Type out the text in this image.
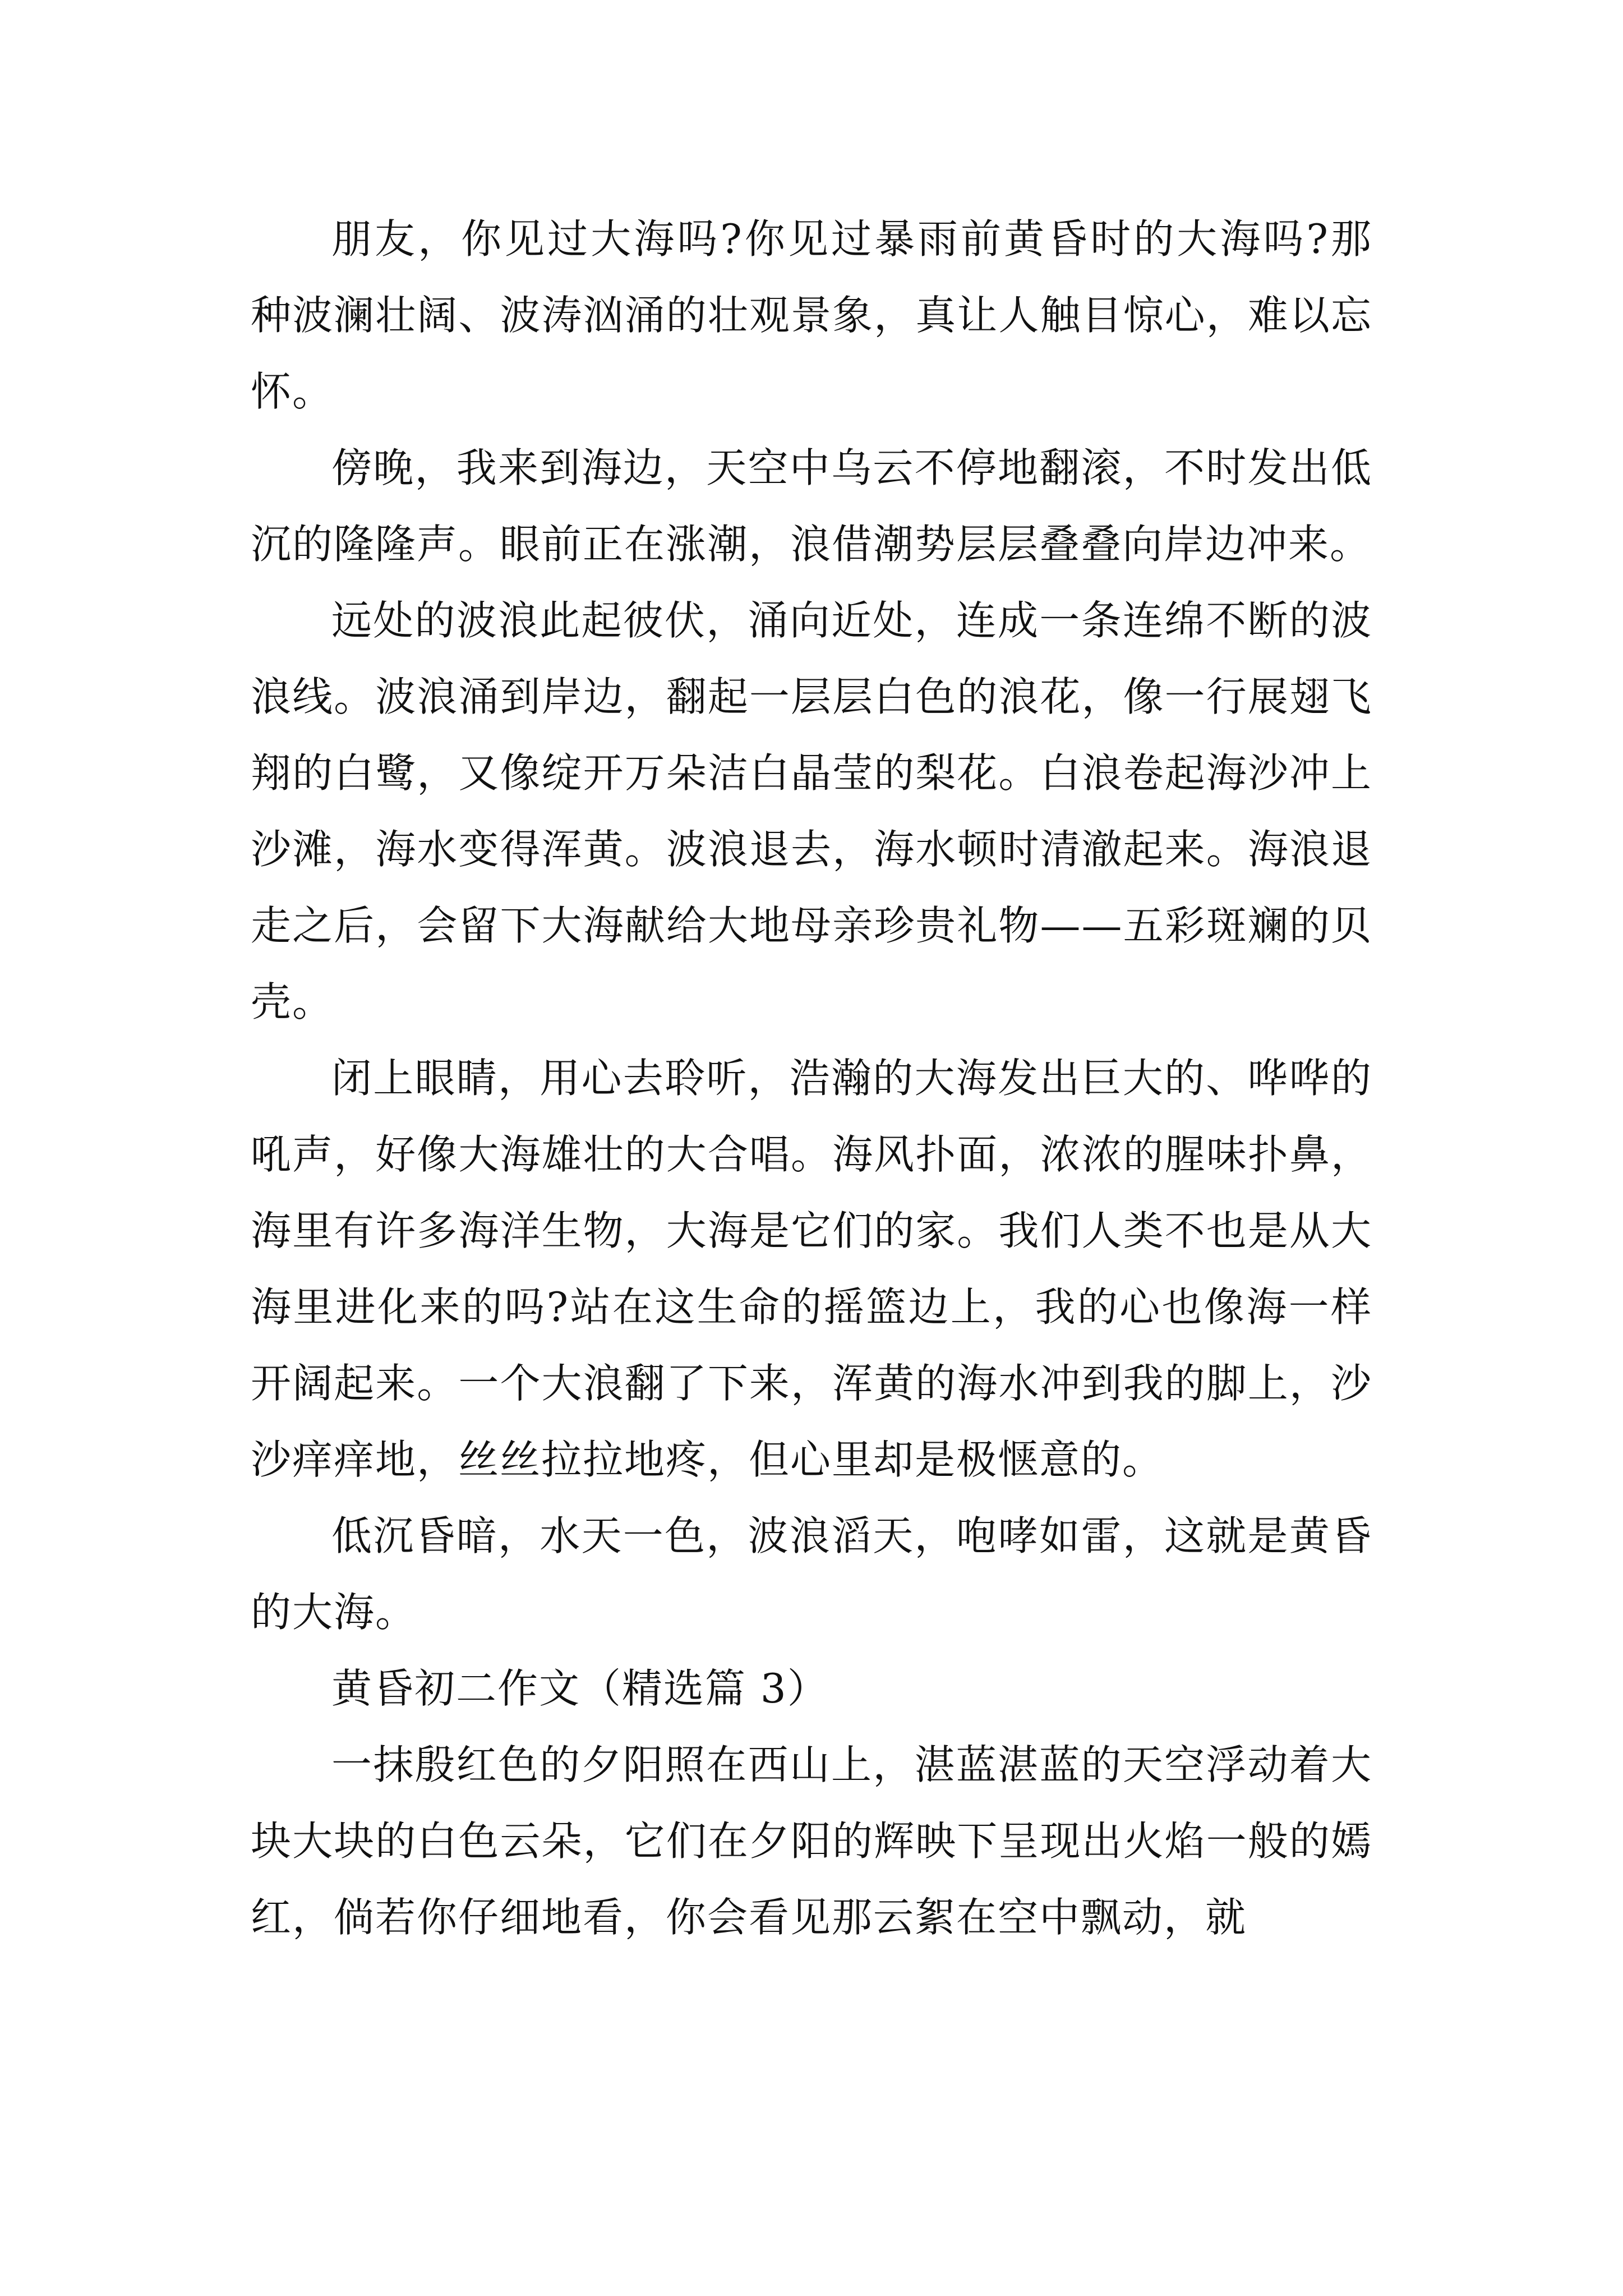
朋友，你见过大海吗?你见过暴雨前黄昏时的大海吗?那种波澜壮阔、波涛汹涌的壮观景象，真让人触目惊心，难以忘怀。

傍晚，我来到海边，天空中乌云不停地翻滚，不时发出低沉的隆隆声。眼前正在涨潮，浪借潮势层层叠叠向岸边冲来。

远处的波浪此起彼伏，涌向近处，连成一条连绵不断的波浪线。波浪涌到岸边，翻起一层层白色的浪花，像一行展翅飞翔的白鹭，又像绽开万朵洁白晶莹的梨花。白浪卷起海沙冲上沙滩，海水变得浑黄。波浪退去，海水顿时清澈起来。海浪退走之后，会留下大海献给大地母亲珍贵礼物——五彩斑斓的贝壳。

闭上眼睛，用心去聆听，浩瀚的大海发出巨大的、哗哗的吼声，好像大海雄壮的大合唱。海风扑面，浓浓的腥味扑鼻，海里有许多海洋生物，大海是它们的家。我们人类不也是从大海里进化来的吗?站在这生命的摇篮边上，我的心也像海一样开阔起来。一个大浪翻了下来，浑黄的海水冲到我的脚上，沙沙痒痒地，丝丝拉拉地疼，但心里却是极惬意的。

低沉昏暗，水天一色，波浪滔天，咆哮如雷，这就是黄昏的大海。

黄昏初二作文（精选篇 3）

一抹殷红色的夕阳照在西山上，湛蓝湛蓝的天空浮动着大块大块的白色云朵，它们在夕阳的辉映下呈现出火焰一般的嫣红，倘若你仔细地看，你会看见那云絮在空中飘动，就
